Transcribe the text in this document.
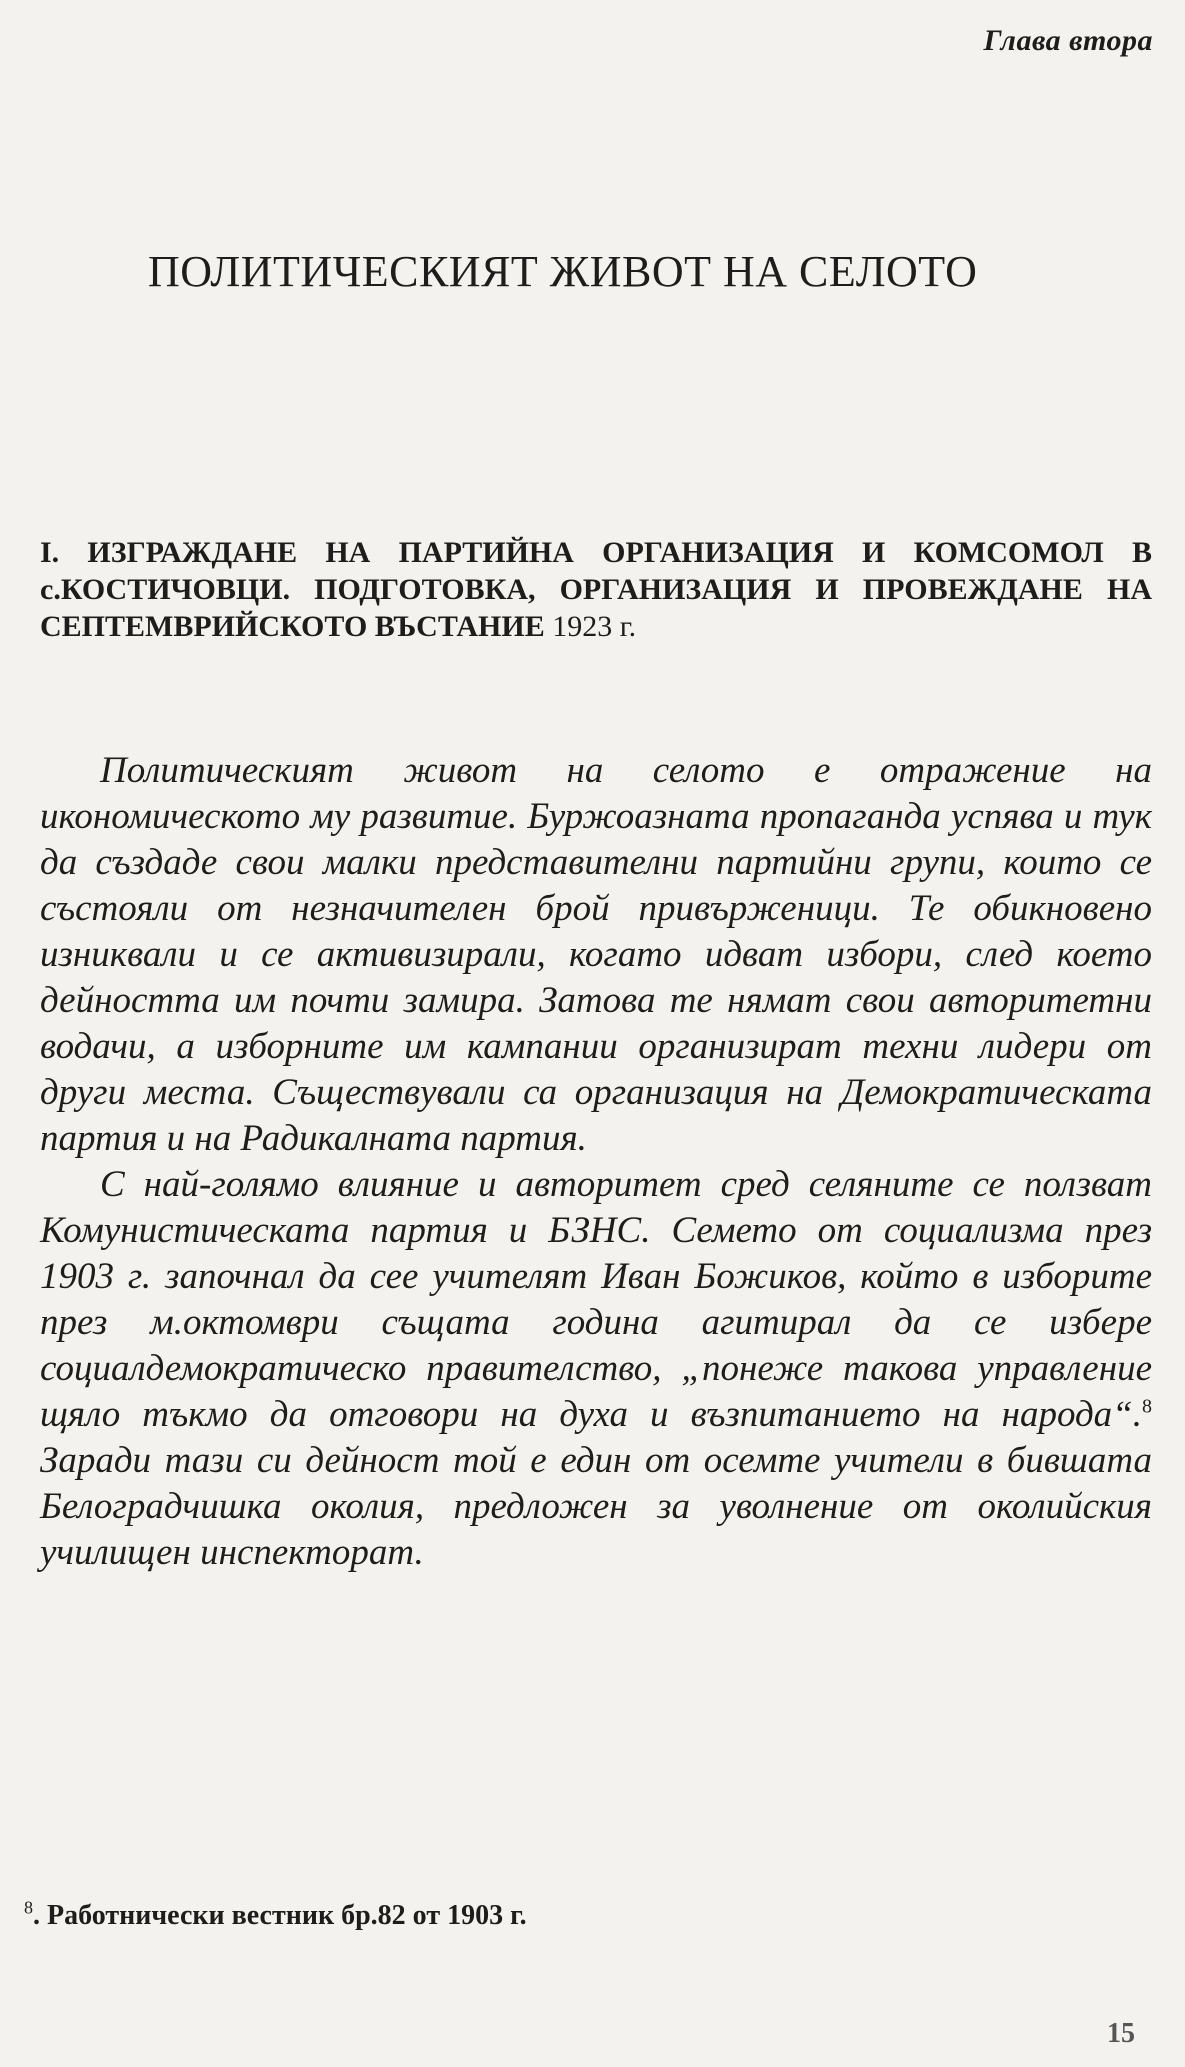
Глава втора
ПОЛИТИЧЕСКИЯТ ЖИВОТ НА СЕЛОТО
I. ИЗГРАЖДАНЕ НА ПАРТИЙНА ОРГАНИЗАЦИЯ И КОМСОМОЛ В с.КОСТИЧОВЦИ. ПОДГОТОВКА, ОРГАНИЗАЦИЯ И ПРОВЕЖДАНЕ НА СЕПТЕМВРИЙСКОТО ВЪСТАНИЕ 1923 г.

Политическият живот на селото е отражение на икономическото му развитие. Буржоазната пропаганда успява и тук да създаде свои малки представителни партийни групи, които се състояли от незначителен брой привърженици. Те обикновено изниквали и се активизирали, когато идват избори, след което дейността им почти замира. Затова те нямат свои авторитетни водачи, а изборните им кампании организират техни лидери от други места. Съществували са организация на Демократическата партия и на Радикалната партия.

С най-голямо влияние и авторитет сред селяните се ползват Комунистическата партия и БЗНС. Семето от социализма през 1903 г. започнал да сее учителят Иван Божиков, който в изборите през м.октомври същата година агитирал да се избере социалдемократическо правителство, „понеже такова управление щяло тъкмо да отговори на духа и възпитанието на народа“.$^8$ Заради тази си дейност той е един от осемте учители в бившата Белоградчишка околия, предложен за уволнение от околийския училищен инспекторат.

$^8$. Работнически вестник бр.82 от 1903 г.
15
